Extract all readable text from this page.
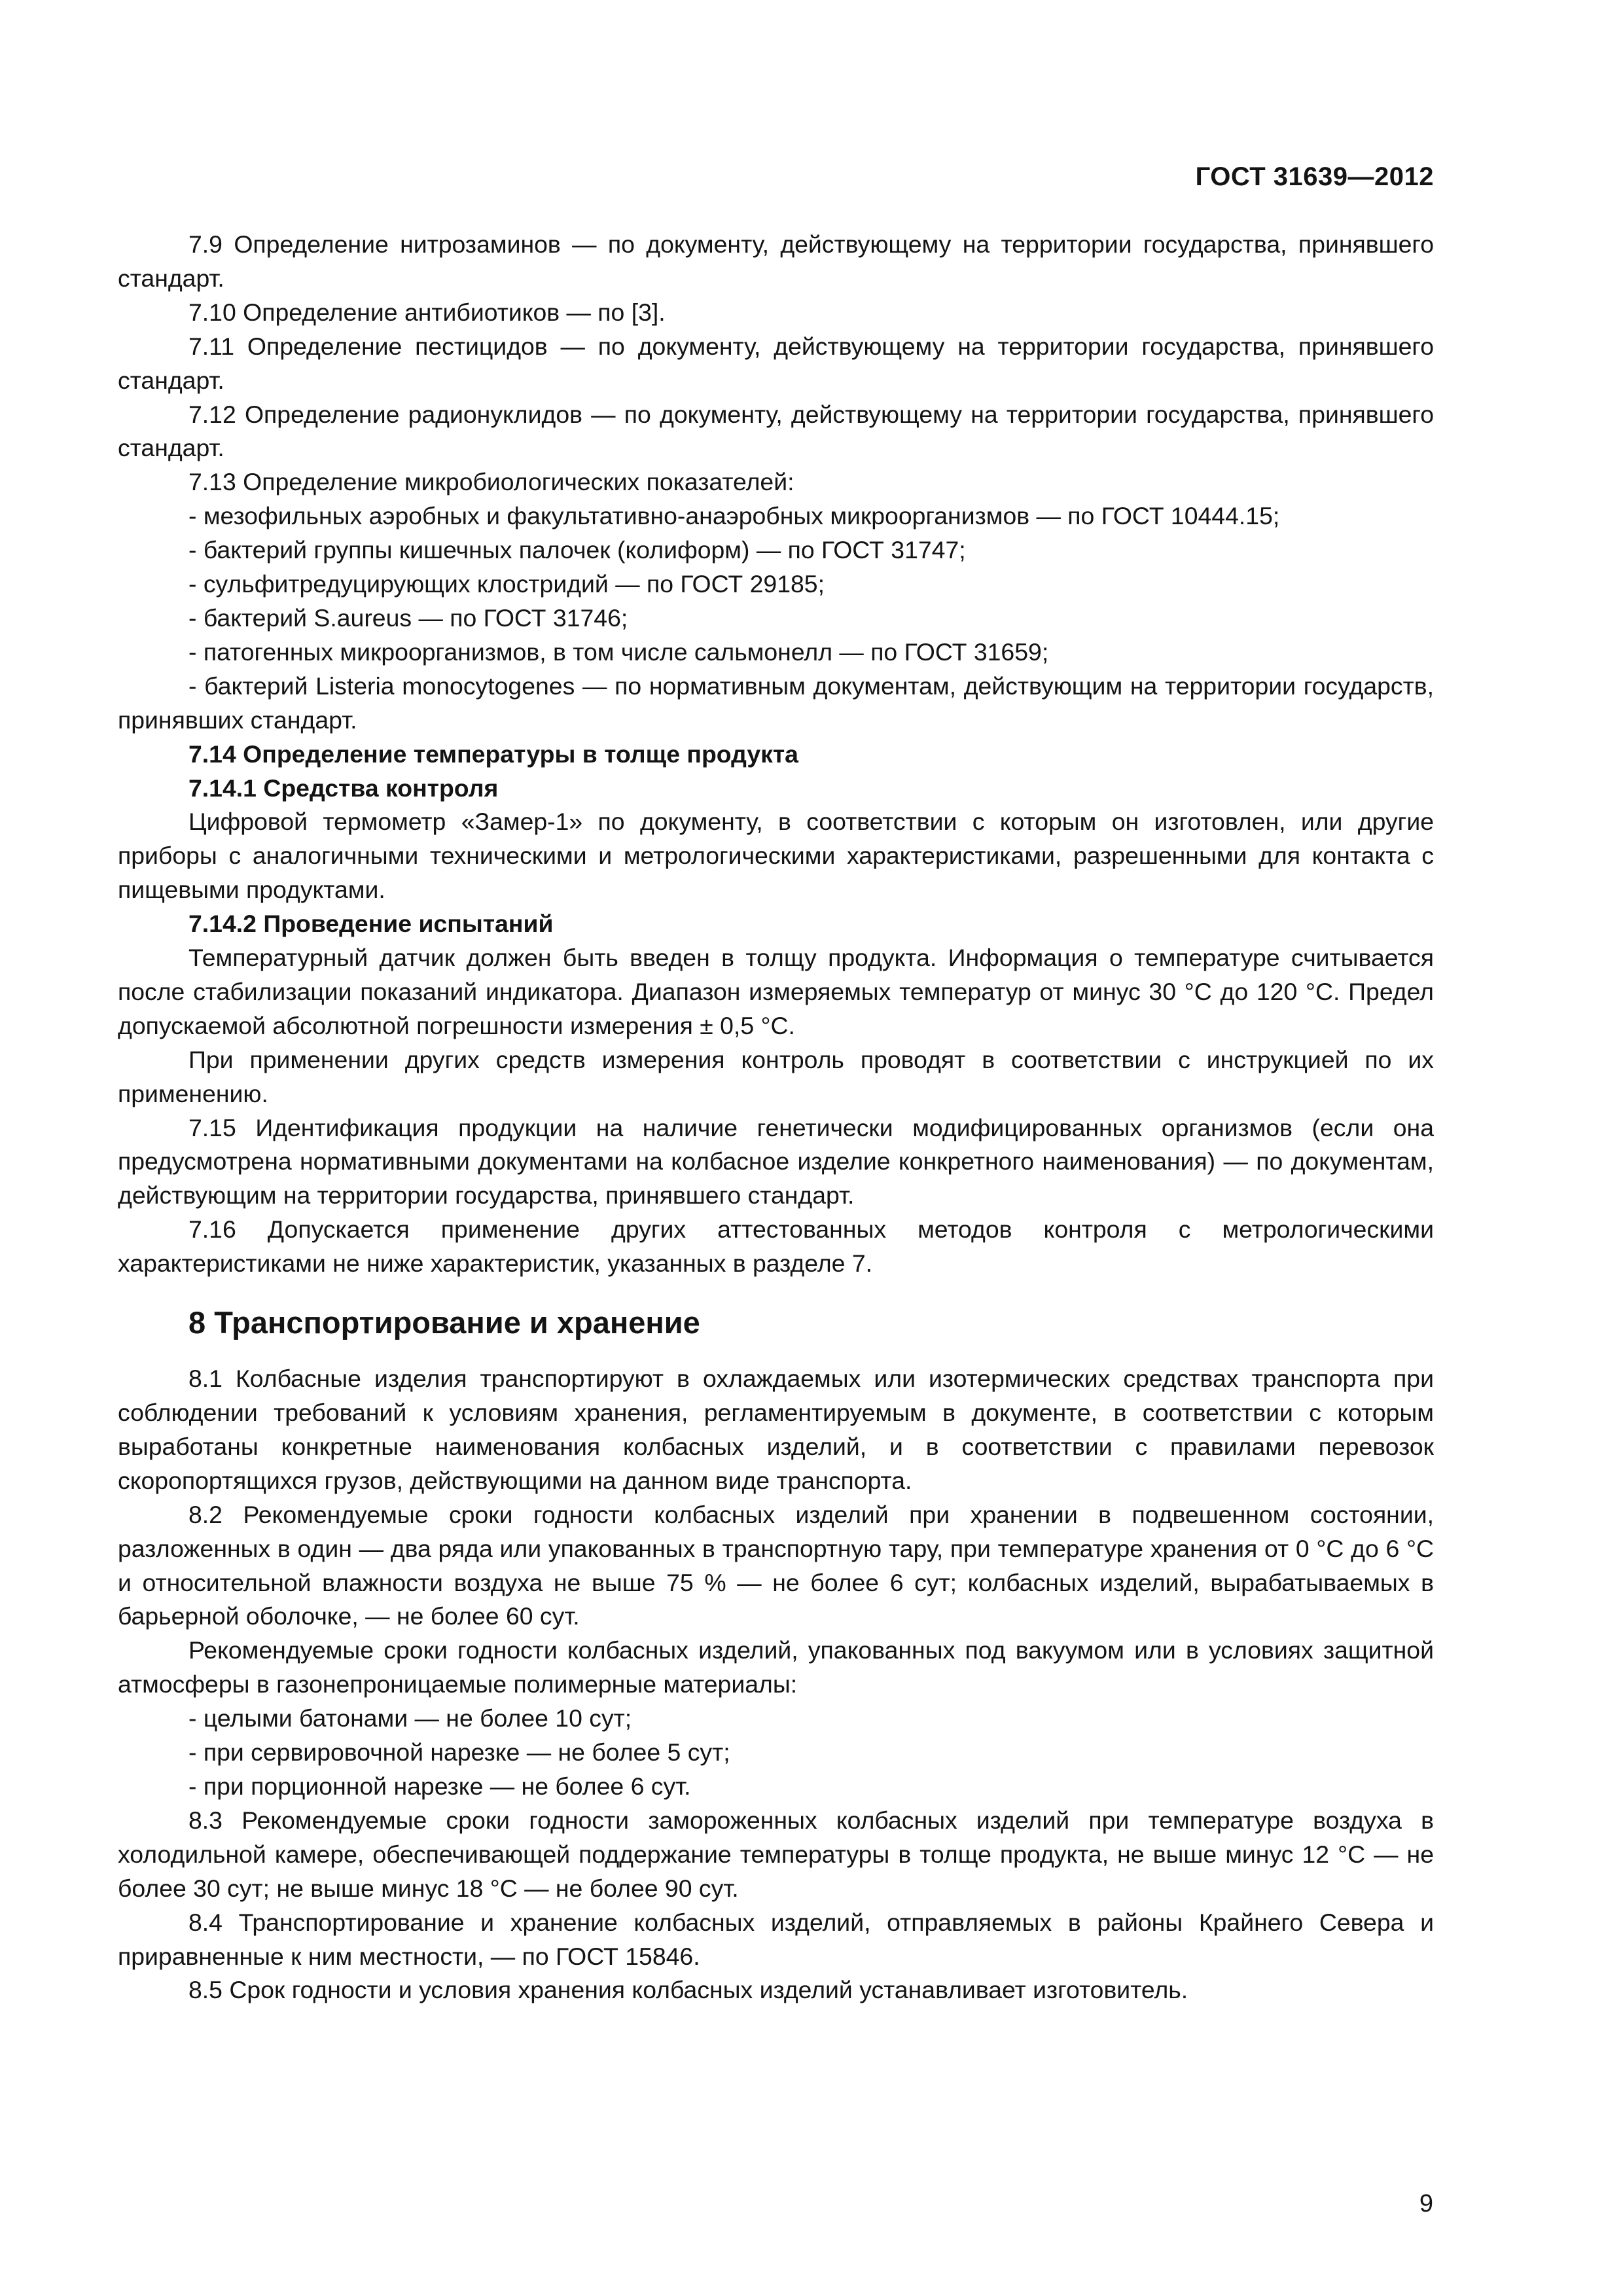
ГОСТ 31639—2012

7.9 Определение нитрозаминов — по документу, действующему на территории государства, принявшего стандарт.

7.10 Определение антибиотиков — по [3].

7.11 Определение пестицидов — по документу, действующему на территории государства, принявшего стандарт.

7.12 Определение радионуклидов — по документу, действующему на территории государства, принявшего стандарт.

7.13 Определение микробиологических показателей:

- мезофильных аэробных и факультативно-анаэробных микроорганизмов — по ГОСТ 10444.15;

- бактерий группы кишечных палочек (колиформ) — по ГОСТ 31747;

- сульфитредуцирующих клостридий — по ГОСТ 29185;

- бактерий S.aureus — по ГОСТ 31746;

- патогенных микроорганизмов, в том числе сальмонелл — по ГОСТ 31659;

- бактерий Listeria monocytogenes — по нормативным документам, действующим на территории государств, принявших стандарт.

7.14 Определение температуры в толще продукта

7.14.1 Средства контроля

Цифровой термометр «Замер-1» по документу, в соответствии с которым он изготовлен, или другие приборы с аналогичными техническими и метрологическими характеристиками, разрешенными для контакта с пищевыми продуктами.

7.14.2 Проведение испытаний

Температурный датчик должен быть введен в толщу продукта. Информация о температуре считывается после стабилизации показаний индикатора. Диапазон измеряемых температур от минус 30 °С до 120 °С. Предел допускаемой абсолютной погрешности измерения ± 0,5 °С.

При применении других средств измерения контроль проводят в соответствии с инструкцией по их применению.

7.15 Идентификация продукции на наличие генетически модифицированных организмов (если она предусмотрена нормативными документами на колбасное изделие конкретного наименования) — по документам, действующим на территории государства, принявшего стандарт.

7.16 Допускается применение других аттестованных методов контроля с метрологическими характеристиками не ниже характеристик, указанных в разделе 7.

8 Транспортирование и хранение

8.1 Колбасные изделия транспортируют в охлаждаемых или изотермических средствах транспорта при соблюдении требований к условиям хранения, регламентируемым в документе, в соответствии с которым выработаны конкретные наименования колбасных изделий, и в соответствии с правилами перевозок скоропортящихся грузов, действующими на данном виде транспорта.

8.2 Рекомендуемые сроки годности колбасных изделий при хранении в подвешенном состоянии, разложенных в один — два ряда или упакованных в транспортную тару, при температуре хранения от 0 °С до 6 °С и относительной влажности воздуха не выше 75 % — не более 6 сут; колбасных изделий, вырабатываемых в барьерной оболочке, — не более 60 сут.

Рекомендуемые сроки годности колбасных изделий, упакованных под вакуумом или в условиях защитной атмосферы в газонепроницаемые полимерные материалы:

- целыми батонами — не более 10 сут;

- при сервировочной нарезке — не более 5 сут;

- при порционной нарезке — не более 6 сут.

8.3 Рекомендуемые сроки годности замороженных колбасных изделий при температуре воздуха в холодильной камере, обеспечивающей поддержание температуры в толще продукта, не выше минус 12 °С — не более 30 сут; не выше минус 18 °С — не более 90 сут.

8.4 Транспортирование и хранение колбасных изделий, отправляемых в районы Крайнего Севера и приравненные к ним местности, — по ГОСТ 15846.

8.5 Срок годности и условия хранения колбасных изделий устанавливает изготовитель.

9
